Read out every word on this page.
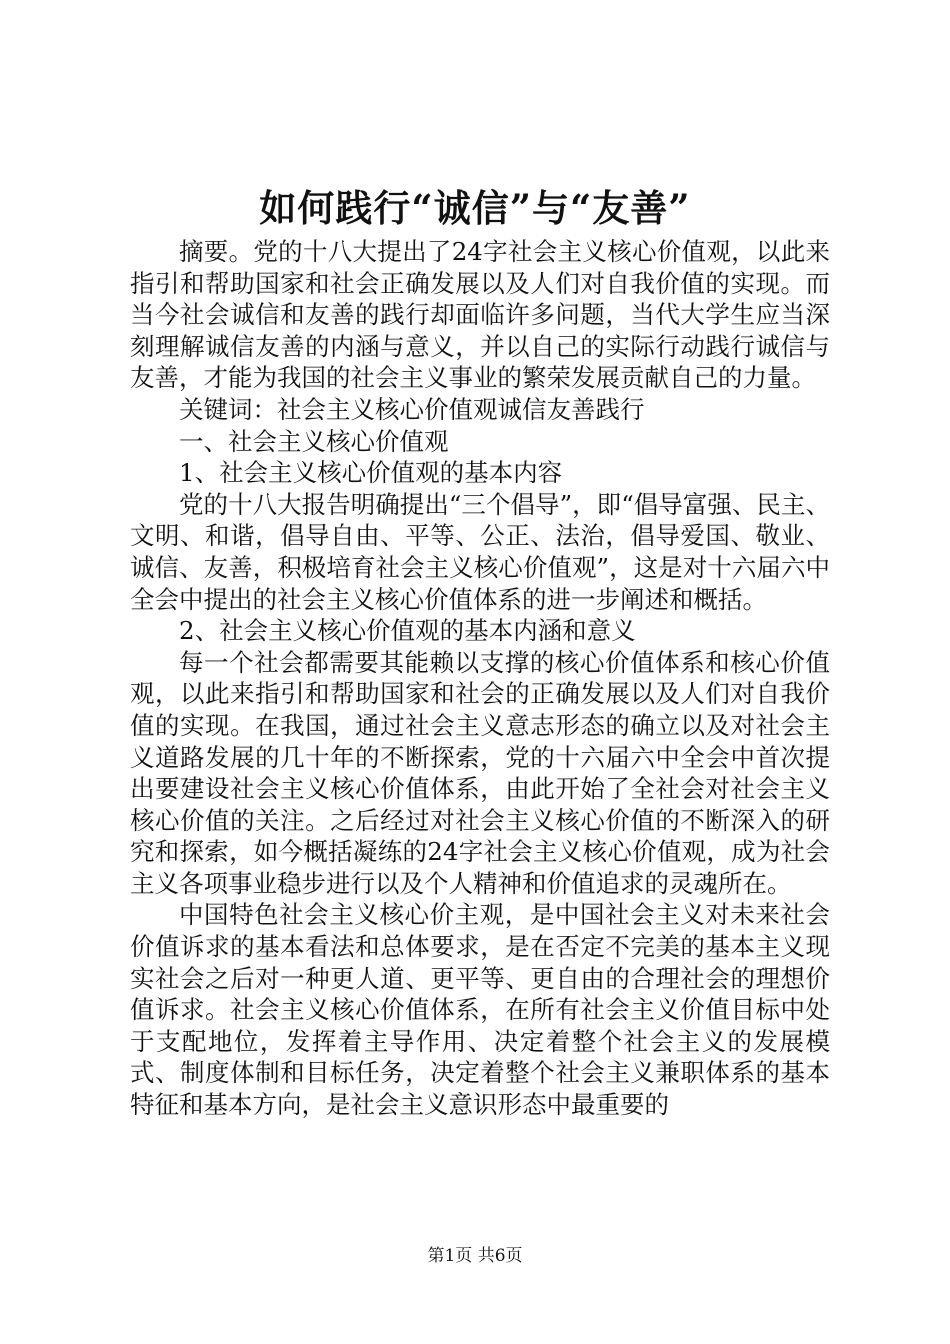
如何践行“诚信”与“友善”

摘要。党的十八大提出了24字社会主义核心价值观，以此来指引和帮助国家和社会正确发展以及人们对自我价值的实现。而当今社会诚信和友善的践行却面临许多问题，当代大学生应当深刻理解诚信友善的内涵与意义，并以自己的实际行动践行诚信与友善，才能为我国的社会主义事业的繁荣发展贡献自己的力量。

关键词：社会主义核心价值观诚信友善践行

一、社会主义核心价值观

1、社会主义核心价值观的基本内容

党的十八大报告明确提出“三个倡导”，即“倡导富强、民主、文明、和谐，倡导自由、平等、公正、法治，倡导爱国、敬业、诚信、友善，积极培育社会主义核心价值观”，这是对十六届六中全会中提出的社会主义核心价值体系的进一步阐述和概括。

2、社会主义核心价值观的基本内涵和意义

每一个社会都需要其能赖以支撑的核心价值体系和核心价值观，以此来指引和帮助国家和社会的正确发展以及人们对自我价值的实现。在我国，通过社会主义意志形态的确立以及对社会主义道路发展的几十年的不断探索，党的十六届六中全会中首次提出要建设社会主义核心价值体系，由此开始了全社会对社会主义核心价值的关注。之后经过对社会主义核心价值的不断深入的研究和探索，如今概括凝练的24字社会主义核心价值观，成为社会主义各项事业稳步进行以及个人精神和价值追求的灵魂所在。

中国特色社会主义核心价主观，是中国社会主义对未来社会价值诉求的基本看法和总体要求，是在否定不完美的基本主义现实社会之后对一种更人道、更平等、更自由的合理社会的理想价值诉求。社会主义核心价值体系，在所有社会主义价值目标中处于支配地位，发挥着主导作用、决定着整个社会主义的发展模式、制度体制和目标任务，决定着整个社会主义兼职体系的基本特征和基本方向，是社会主义意识形态中最重要的

第1页 共6页
